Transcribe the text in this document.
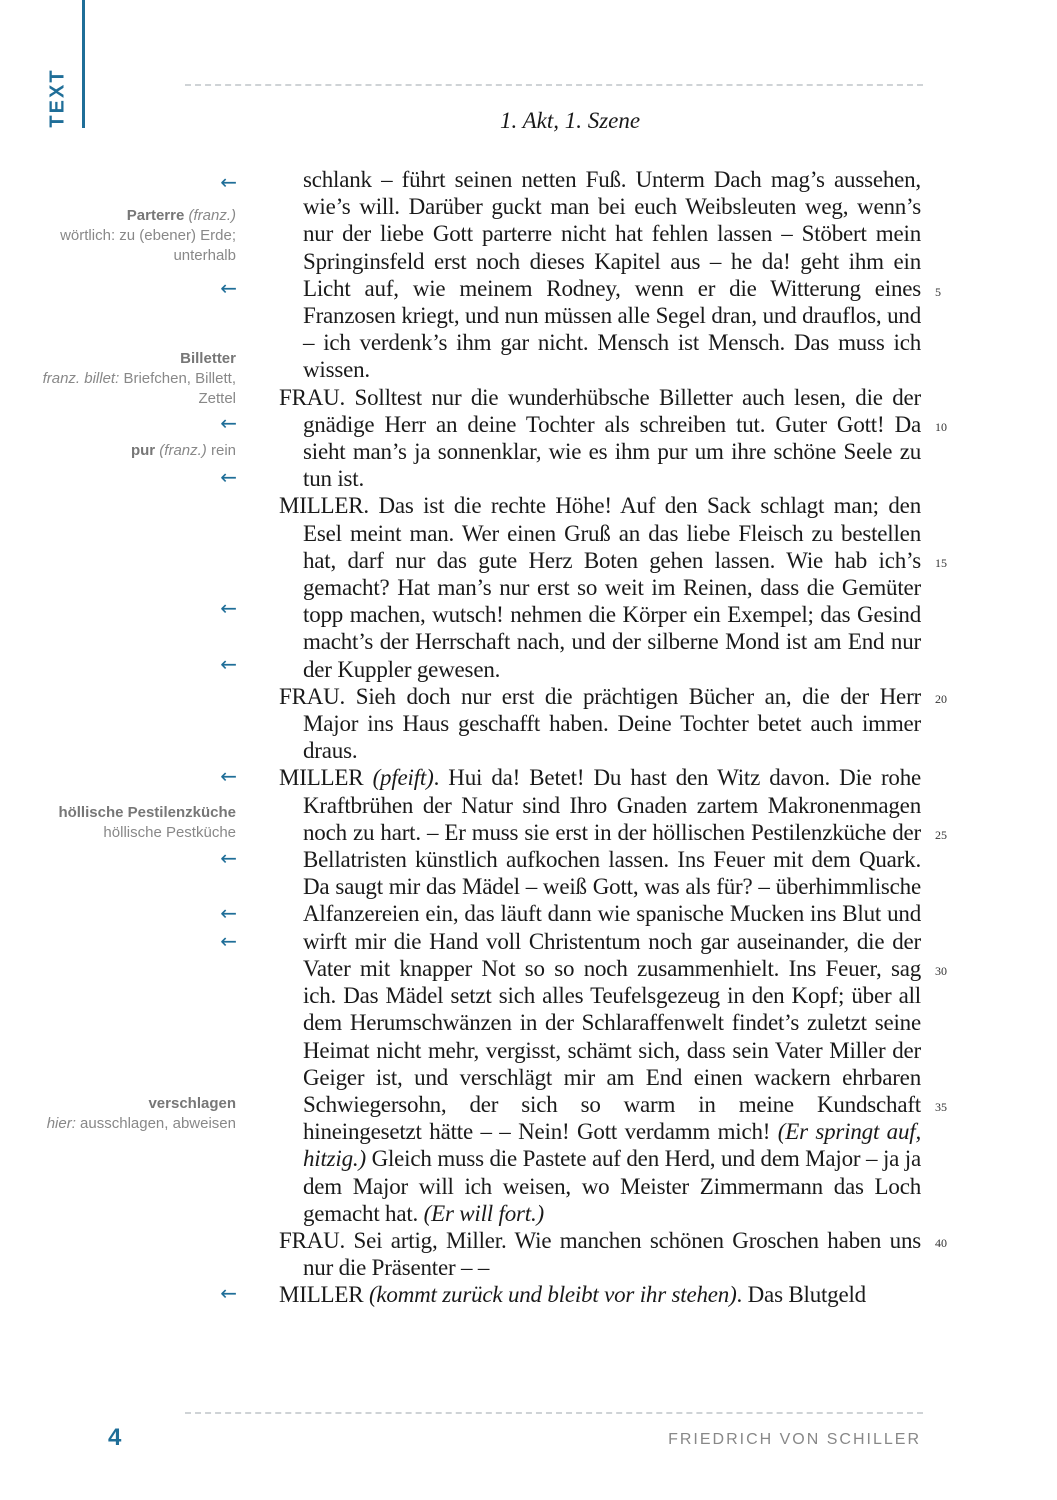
TEXT	1. Akt, 1. Szene

schlank – führt seinen netten Fuß. Unterm Dach mag’s aussehen, wie’s will. Darüber guckt man bei euch Weibsleuten weg, wenn’s nur der liebe Gott parterre nicht hat fehlen lassen – Stöbert mein Springinsfeld erst noch dieses Kapitel aus – he da! geht ihm ein Licht auf, wie meinem Rodney, wenn er die Witterung eines Franzosen kriegt, und nun müssen alle Segel dran, und drauflos, und – ich verdenk’s ihm gar nicht. Mensch ist Mensch. Das muss ich wissen.

FRAU. Solltest nur die wunderhübsche Billetter auch lesen, die der gnädige Herr an deine Tochter als schreiben tut. Guter Gott! Da sieht man’s ja sonnenklar, wie es ihm pur um ihre schöne Seele zu tun ist.

MILLER. Das ist die rechte Höhe! Auf den Sack schlagt man; den Esel meint man. Wer einen Gruß an das liebe Fleisch zu bestellen hat, darf nur das gute Herz Boten gehen lassen. Wie hab ich’s gemacht? Hat man’s nur erst so weit im Reinen, dass die Gemüter topp machen, wutsch! nehmen die Körper ein Exempel; das Gesind macht’s der Herrschaft nach, und der silberne Mond ist am End nur der Kuppler gewesen.

FRAU. Sieh doch nur erst die prächtigen Bücher an, die der Herr Major ins Haus geschafft haben. Deine Tochter betet auch immer draus.

MILLER (pfeift). Hui da! Betet! Du hast den Witz davon. Die rohe Kraftbrühen der Natur sind Ihro Gnaden zartem Makronenmagen noch zu hart. – Er muss sie erst in der höllischen Pestilenzküche der Bellatristen künstlich aufkochen lassen. Ins Feuer mit dem Quark. Da saugt mir das Mädel – weiß Gott, was als für? – überhimmlische Alfanzereien ein, das läuft dann wie spanische Mucken ins Blut und wirft mir die Hand voll Christentum noch gar auseinander, die der Vater mit knapper Not so so noch zusammenhielt. Ins Feuer, sag ich. Das Mädel setzt sich alles Teufelsgezeug in den Kopf; über all dem Herumschwänzen in der Schlaraffenwelt findet’s zuletzt seine Heimat nicht mehr, vergisst, schämt sich, dass sein Vater Miller der Geiger ist, und verschlägt mir am End einen wackern ehrbaren Schwiegersohn, der sich so warm in meine Kundschaft hineingesetzt hätte – – Nein! Gott verdamm mich! (Er springt auf, hitzig.) Gleich muss die Pastete auf den Herd, und dem Major – ja ja dem Major will ich weisen, wo Meister Zimmermann das Loch gemacht hat. (Er will fort.)

FRAU. Sei artig, Miller. Wie manchen schönen Groschen haben uns nur die Präsenter – –

MILLER (kommt zurück und bleibt vor ihr stehen). Das Blutgeld

5
10
15
20
25
30
35
40
←
←
←
←
←
←
←
←
←
←
←
Parterre (franz.)
wörtlich: zu (ebener) Erde; unterhalb
Billetter
franz. billet: Briefchen, Billett, Zettel
pur (franz.) rein
höllische Pestilenzküche
höllische Pestküche
verschlagen
hier: ausschlagen, abweisen
4	FRIEDRICH VON SCHILLER
